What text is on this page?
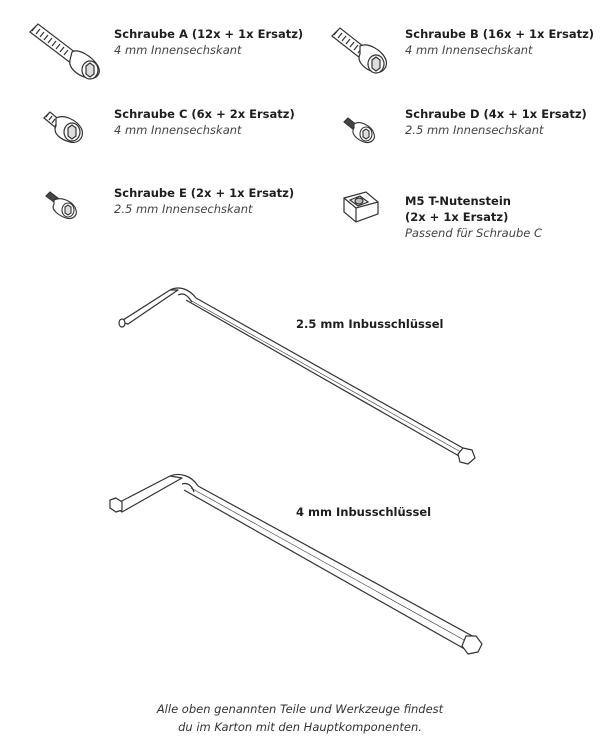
Schraube A (12x + 1x Ersatz)
4 mm Innensechskant
Schraube B (16x + 1x Ersatz)
4 mm Innensechskant
Schraube C (6x + 2x Ersatz)
4 mm Innensechskant
Schraube D (4x + 1x Ersatz)
2.5 mm Innensechskant
Schraube E (2x + 1x Ersatz)
2.5 mm Innensechskant
M5 T-Nutenstein
(2x + 1x Ersatz)
Passend für Schraube C
2.5 mm Inbusschlüssel
4 mm Inbusschlüssel
Alle oben genannten Teile und Werkzeuge findest
du im Karton mit den Hauptkomponenten.
